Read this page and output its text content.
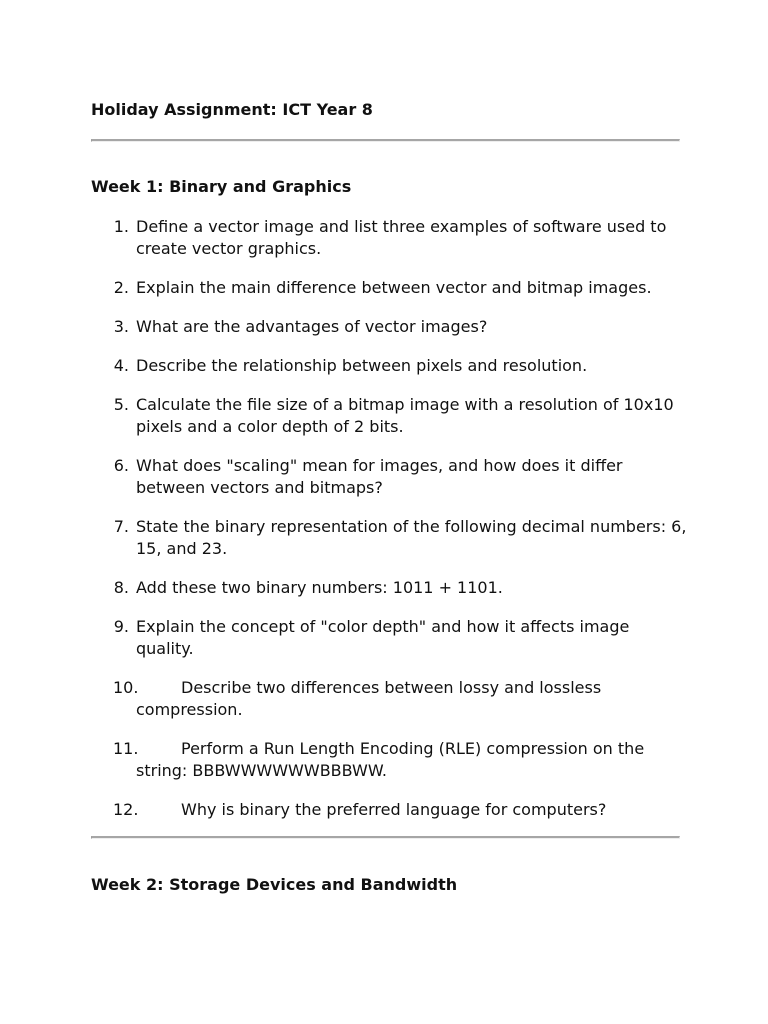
Holiday Assignment: ICT Year 8
Week 1: Binary and Graphics
1. Define a vector image and list three examples of software used to create vector graphics.
2. Explain the main difference between vector and bitmap images.
3. What are the advantages of vector images?
4. Describe the relationship between pixels and resolution.
5. Calculate the file size of a bitmap image with a resolution of 10x10 pixels and a color depth of 2 bits.
6. What does "scaling" mean for images, and how does it differ between vectors and bitmaps?
7. State the binary representation of the following decimal numbers: 6, 15, and 23.
8. Add these two binary numbers: 1011 + 1101.
9. Explain the concept of "color depth" and how it affects image quality.
10.	Describe two differences between lossy and lossless compression.
11.	Perform a Run Length Encoding (RLE) compression on the string: BBBWWWWWWBBBWW.
12.	Why is binary the preferred language for computers?
Week 2: Storage Devices and Bandwidth
